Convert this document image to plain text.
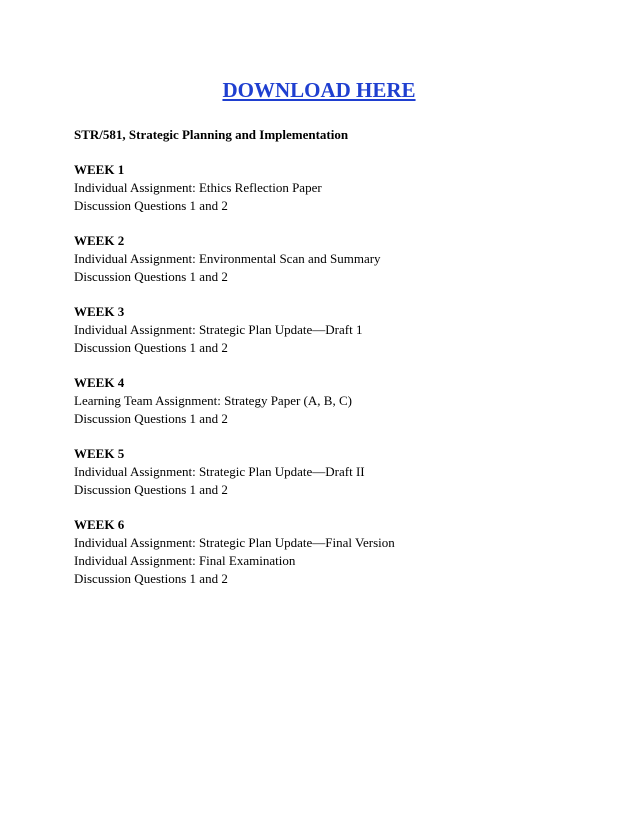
DOWNLOAD HERE
STR/581, Strategic Planning and Implementation
WEEK 1
Individual Assignment: Ethics Reflection Paper
Discussion Questions 1 and 2
WEEK 2
Individual Assignment: Environmental Scan and Summary
Discussion Questions 1 and 2
WEEK 3
Individual Assignment: Strategic Plan Update—Draft 1
Discussion Questions 1 and 2
WEEK 4
Learning Team Assignment: Strategy Paper (A, B, C)
Discussion Questions 1 and 2
WEEK 5
Individual Assignment: Strategic Plan Update—Draft II
Discussion Questions 1 and 2
WEEK 6
Individual Assignment: Strategic Plan Update—Final Version
Individual Assignment: Final Examination
Discussion Questions 1 and 2
